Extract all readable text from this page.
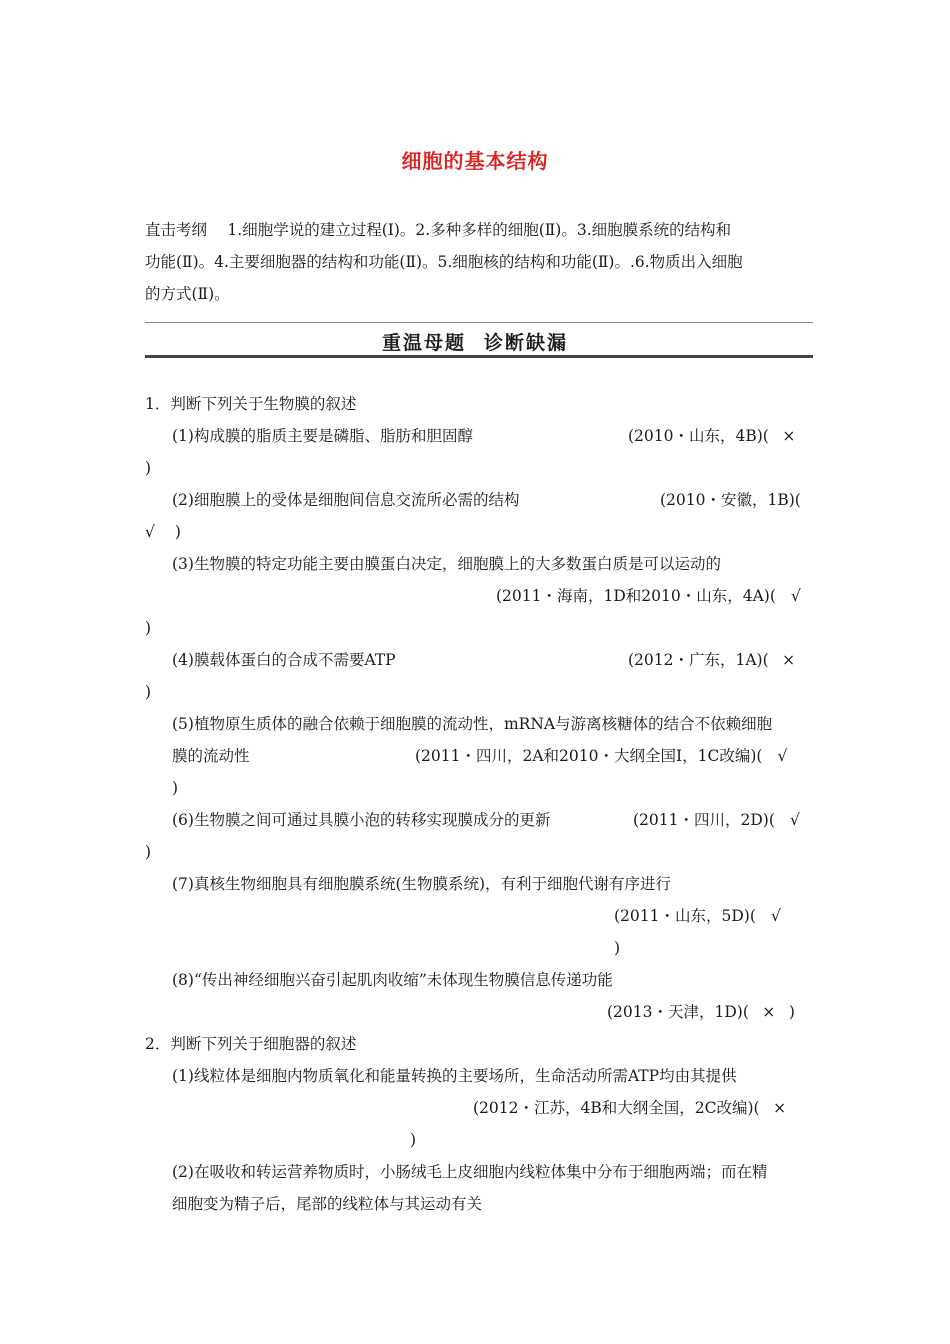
细胞的基本结构
直击考纲　 1.细胞学说的建立过程(Ⅰ)。2.多种多样的细胞(Ⅱ)。3.细胞膜系统的结构和
功能(Ⅱ)。4.主要细胞器的结构和功能(Ⅱ)。5.细胞核的结构和功能(Ⅱ)。.6.物质出入细胞
的方式(Ⅱ)。
重温母题 诊断缺漏
1．判断下列关于生物膜的叙述
(1)构成膜的脂质主要是磷脂、脂肪和胆固醇	(2010・山东，4B)( ×
)
(2)细胞膜上的受体是细胞间信息交流所必需的结构	(2010・安徽，1B)(
√ )
(3)生物膜的特定功能主要由膜蛋白决定，细胞膜上的大多数蛋白质是可以运动的
(2011・海南，1D和2010・山东，4A)( √
)
(4)膜载体蛋白的合成不需要ATP	(2012・广东，1A)( ×
)
(5)植物原生质体的融合依赖于细胞膜的流动性，mRNA与游离核糖体的结合不依赖细胞
膜的流动性	(2011・四川，2A和2010・大纲全国Ⅰ，1C改编)( √
)
(6)生物膜之间可通过具膜小泡的转移实现膜成分的更新	(2011・四川，2D)( √
)
(7)真核生物细胞具有细胞膜系统(生物膜系统)，有利于细胞代谢有序进行
(2011・山东，5D)( √
)
(8)“传出神经细胞兴奋引起肌肉收缩”未体现生物膜信息传递功能
(2013・天津，1D)( × )
2．判断下列关于细胞器的叙述
(1)线粒体是细胞内物质氧化和能量转换的主要场所，生命活动所需ATP均由其提供
(2012・江苏，4B和大纲全国，2C改编)( ×
)
(2)在吸收和转运营养物质时，小肠绒毛上皮细胞内线粒体集中分布于细胞两端；而在精
细胞变为精子后，尾部的线粒体与其运动有关
